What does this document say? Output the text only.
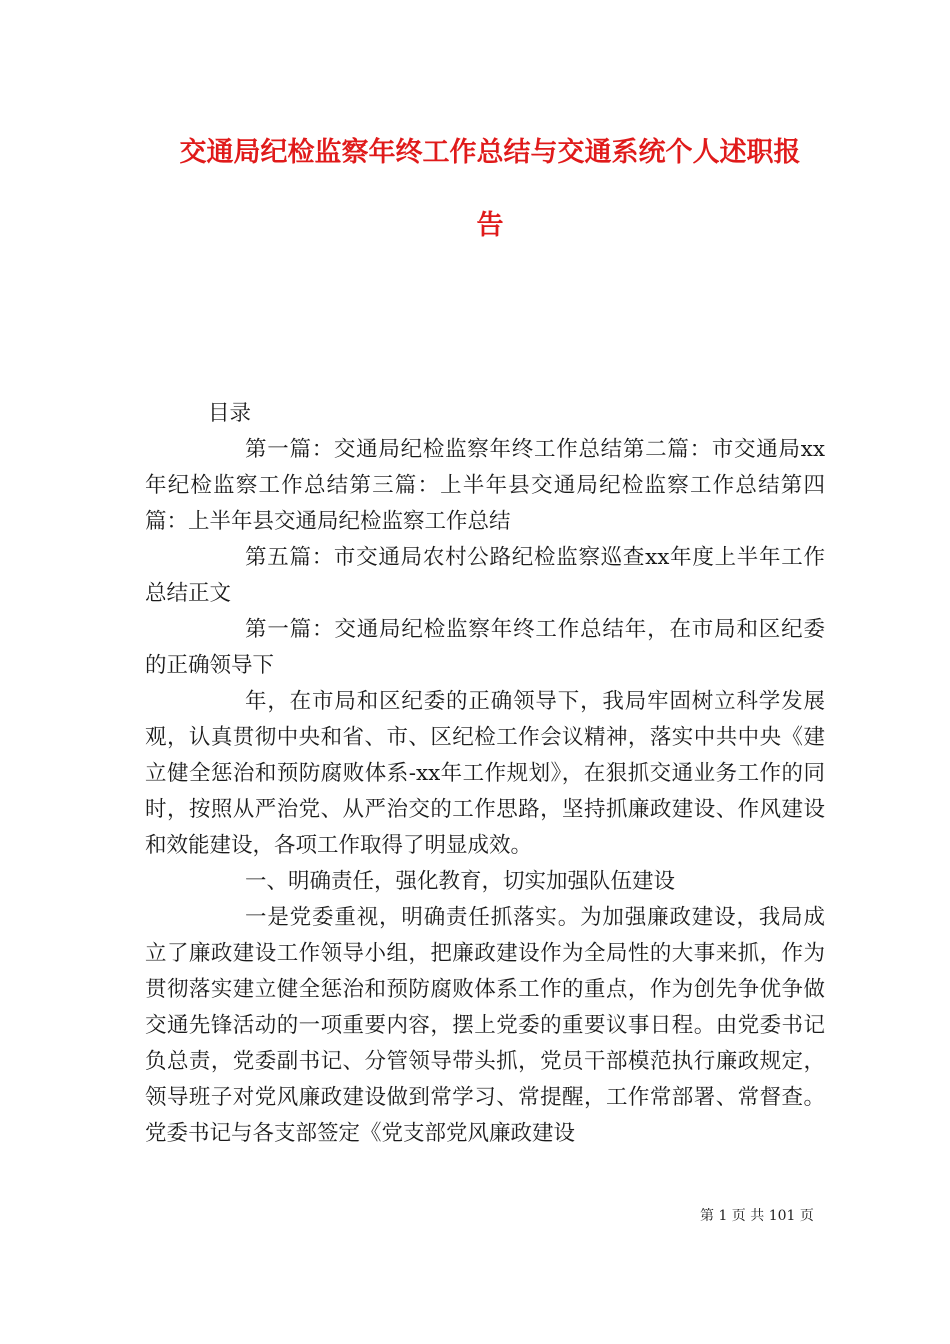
交通局纪检监察年终工作总结与交通系统个人述职报
告

目录

第一篇：交通局纪检监察年终工作总结第二篇：市交通局xx年纪检监察工作总结第三篇：上半年县交通局纪检监察工作总结第四篇：上半年县交通局纪检监察工作总结

第五篇：市交通局农村公路纪检监察巡查xx年度上半年工作总结正文

第一篇：交通局纪检监察年终工作总结年，在市局和区纪委的正确领导下

年，在市局和区纪委的正确领导下，我局牢固树立科学发展观，认真贯彻中央和省、市、区纪检工作会议精神，落实中共中央《建立健全惩治和预防腐败体系-xx年工作规划》，在狠抓交通业务工作的同时，按照从严治党、从严治交的工作思路，坚持抓廉政建设、作风建设和效能建设，各项工作取得了明显成效。

一、明确责任，强化教育，切实加强队伍建设

一是党委重视，明确责任抓落实。为加强廉政建设，我局成立了廉政建设工作领导小组，把廉政建设作为全局性的大事来抓，作为贯彻落实建立健全惩治和预防腐败体系工作的重点，作为创先争优争做交通先锋活动的一项重要内容，摆上党委的重要议事日程。由党委书记负总责，党委副书记、分管领导带头抓，党员干部模范执行廉政规定，领导班子对党风廉政建设做到常学习、常提醒，工作常部署、常督查。党委书记与各支部签定《党支部党风廉政建设

第 1 页 共 101 页
